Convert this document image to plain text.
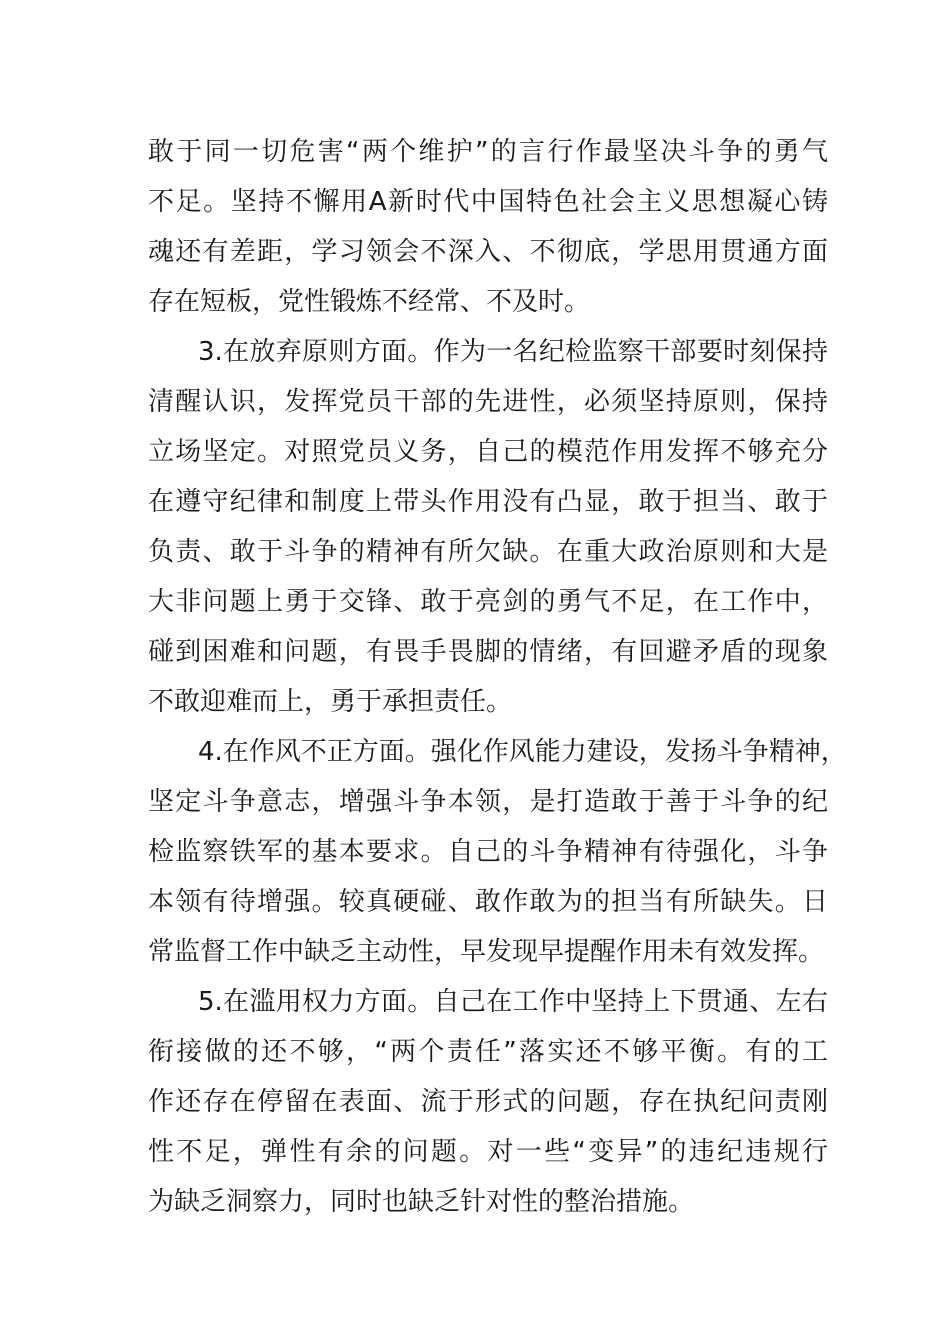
敢于同一切危害“两个维护”的言行作最坚决斗争的勇气
不足。坚持不懈用A新时代中国特色社会主义思想凝心铸
魂还有差距，学习领会不深入、不彻底，学思用贯通方面
存在短板，党性锻炼不经常、不及时。
3.在放弃原则方面。作为一名纪检监察干部要时刻保持
清醒认识，发挥党员干部的先进性，必须坚持原则，保持
立场坚定。对照党员义务，自己的模范作用发挥不够充分
在遵守纪律和制度上带头作用没有凸显，敢于担当、敢于
负责、敢于斗争的精神有所欠缺。在重大政治原则和大是
大非问题上勇于交锋、敢于亮剑的勇气不足，在工作中，
碰到困难和问题，有畏手畏脚的情绪，有回避矛盾的现象
不敢迎难而上，勇于承担责任。
4.在作风不正方面。强化作风能力建设，发扬斗争精神，
坚定斗争意志，增强斗争本领，是打造敢于善于斗争的纪
检监察铁军的基本要求。自己的斗争精神有待强化，斗争
本领有待增强。较真硬碰、敢作敢为的担当有所缺失。日
常监督工作中缺乏主动性，早发现早提醒作用未有效发挥。
5.在滥用权力方面。自己在工作中坚持上下贯通、左右
衔接做的还不够，“两个责任”落实还不够平衡。有的工
作还存在停留在表面、流于形式的问题，存在执纪问责刚
性不足，弹性有余的问题。对一些“变异”的违纪违规行
为缺乏洞察力，同时也缺乏针对性的整治措施。
